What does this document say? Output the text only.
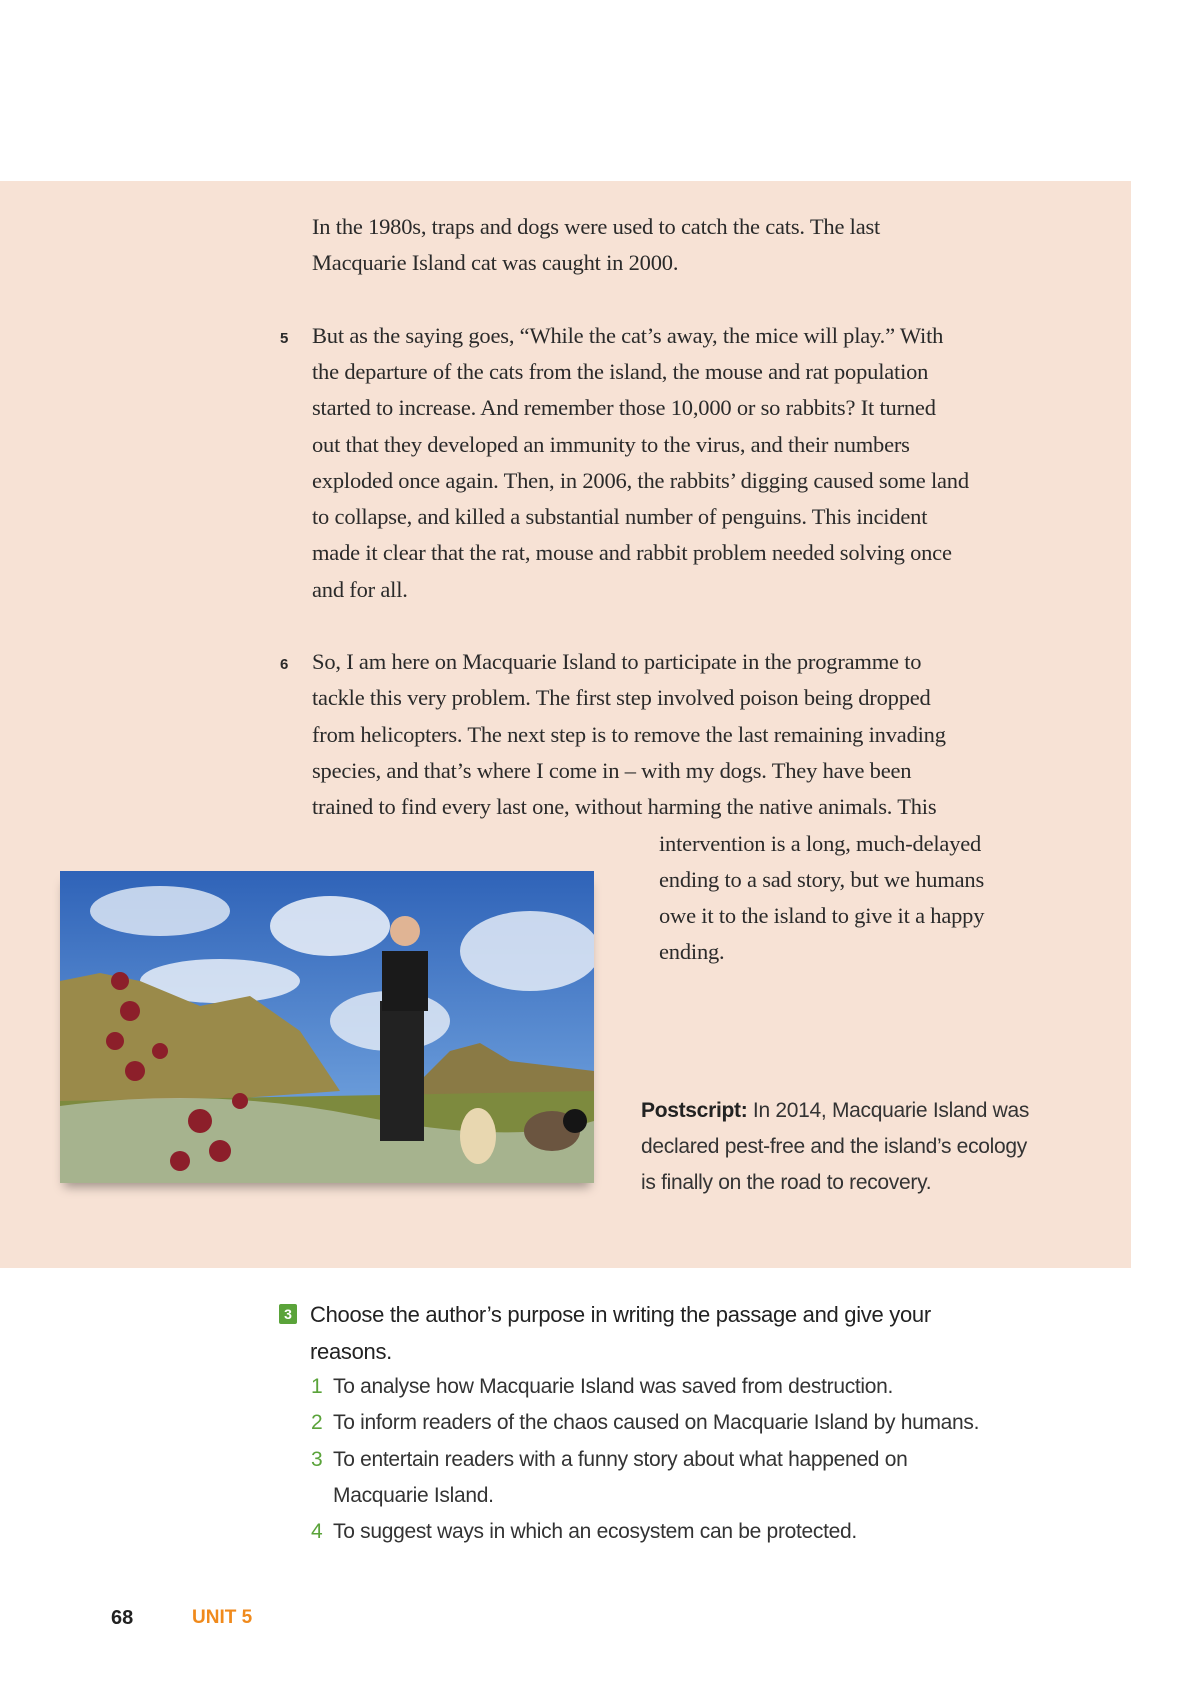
In the 1980s, traps and dogs were used to catch the cats. The last
Macquarie Island cat was caught in 2000.
5 But as the saying goes, “While the cat’s away, the mice will play.” With
the departure of the cats from the island, the mouse and rat population
started to increase. And remember those 10,000 or so rabbits? It turned
out that they developed an immunity to the virus, and their numbers
exploded once again. Then, in 2006, the rabbits’ digging caused some land
to collapse, and killed a substantial number of penguins. This incident
made it clear that the rat, mouse and rabbit problem needed solving once
and for all.
6 So, I am here on Macquarie Island to participate in the programme to
tackle this very problem. The first step involved poison being dropped
from helicopters. The next step is to remove the last remaining invading
species, and that’s where I come in – with my dogs. They have been
trained to find every last one, without harming the native animals. This
intervention is a long, much-delayed
ending to a sad story, but we humans
owe it to the island to give it a happy
ending.
Postscript: In 2014, Macquarie Island was
declared pest-free and the island’s ecology
is finally on the road to recovery.
3 Choose the author’s purpose in writing the passage and give your
reasons.
1 To analyse how Macquarie Island was saved from destruction.
2 To inform readers of the chaos caused on Macquarie Island by humans.
3 To entertain readers with a funny story about what happened on
Macquarie Island.
4 To suggest ways in which an ecosystem can be protected.
68	UNIT 5
